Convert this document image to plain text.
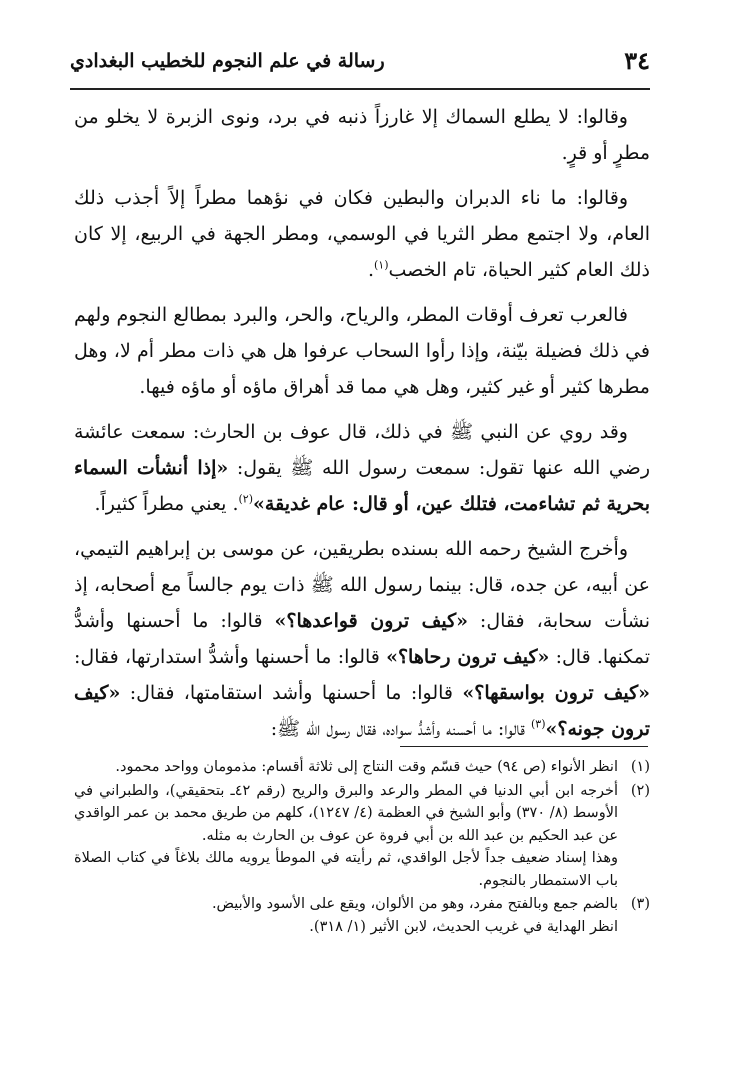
٣٤
رسالة في علم النجوم للخطيب البغدادي

وقالوا: لا يطلع السماك إلا غارزاً ذنبه في برد، ونوى الزبرة لا يخلو من مطرٍ أو قرٍ.

وقالوا: ما ناء الدبران والبطين فكان في نؤهما مطراً إلاً أجذب ذلك العام، ولا اجتمع مطر الثريا في الوسمي، ومطر الجهة في الربيع، إلا كان ذلك العام كثير الحياة، تام الخصب$^{(١)}$.

فالعرب تعرف أوقات المطر، والرياح، والحر، والبرد بمطالع النجوم ولهم في ذلك فضيلة بيّنة، وإذا رأوا السحاب عرفوا هل هي ذات مطر أم لا، وهل مطرها كثير أو غير كثير، وهل هي مما قد أهراق ماؤه أو ماؤه فيها.

وقد روي عن النبي ﷺ في ذلك، قال عوف بن الحارث: سمعت عائشة رضي الله عنها تقول: سمعت رسول الله ﷺ يقول: «إذا أنشأت السماء بحرية ثم تشاءمت، فتلك عين، أو قال: عام غديقة»$^{(٢)}$. يعني مطراً كثيراً.

وأخرج الشيخ رحمه الله بسنده بطريقين، عن موسى بن إبراهيم التيمي، عن أبيه، عن جده، قال: بينما رسول الله ﷺ ذات يوم جالساً مع أصحابه، إذ نشأت سحابة، فقال: «كيف ترون قواعدها؟» قالوا: ما أحسنها وأشدُّ تمكنها. قال: «كيف ترون رحاها؟» قالوا: ما أحسنها وأشدُّ استدارتها، فقال: «كيف ترون بواسقها؟» قالوا: ما أحسنها وأشد استقامتها، فقال: «كيف ترون جونه؟»$^{(٣)}$ قالوا: ما أحسنه وأشدُّ سواده، فقال رسول الله ﷺ:

(١)
انظر الأنواء (ص ٩٤) حيث قسّم وقت النتاج إلى ثلاثة أقسام: مذمومان وواحد محمود.
(٢)
أخرجه ابن أبي الدنيا في المطر والرعد والبرق والريح (رقم ٤٢ـ بتحقيقي)، والطبراني في الأوسط (٨/ ٣٧٠) وأبو الشيخ في العظمة (٤/ ١٢٤٧)، كلهم من طريق محمد بن عمر الواقدي عن عبد الحكيم بن عبد الله بن أبي فروة عن عوف بن الحارث به مثله.
وهذا إسناد ضعيف جداً لأجل الواقدي، ثم رأيته في الموطأ يرويه مالك بلاغاً في كتاب الصلاة باب الاستمطار بالنجوم.
(٣)
بالضم جمع وبالفتح مفرد، وهو من الألوان، ويقع على الأسود والأبيض.
انظر الهداية في غريب الحديث، لابن الأثير (١/ ٣١٨).
